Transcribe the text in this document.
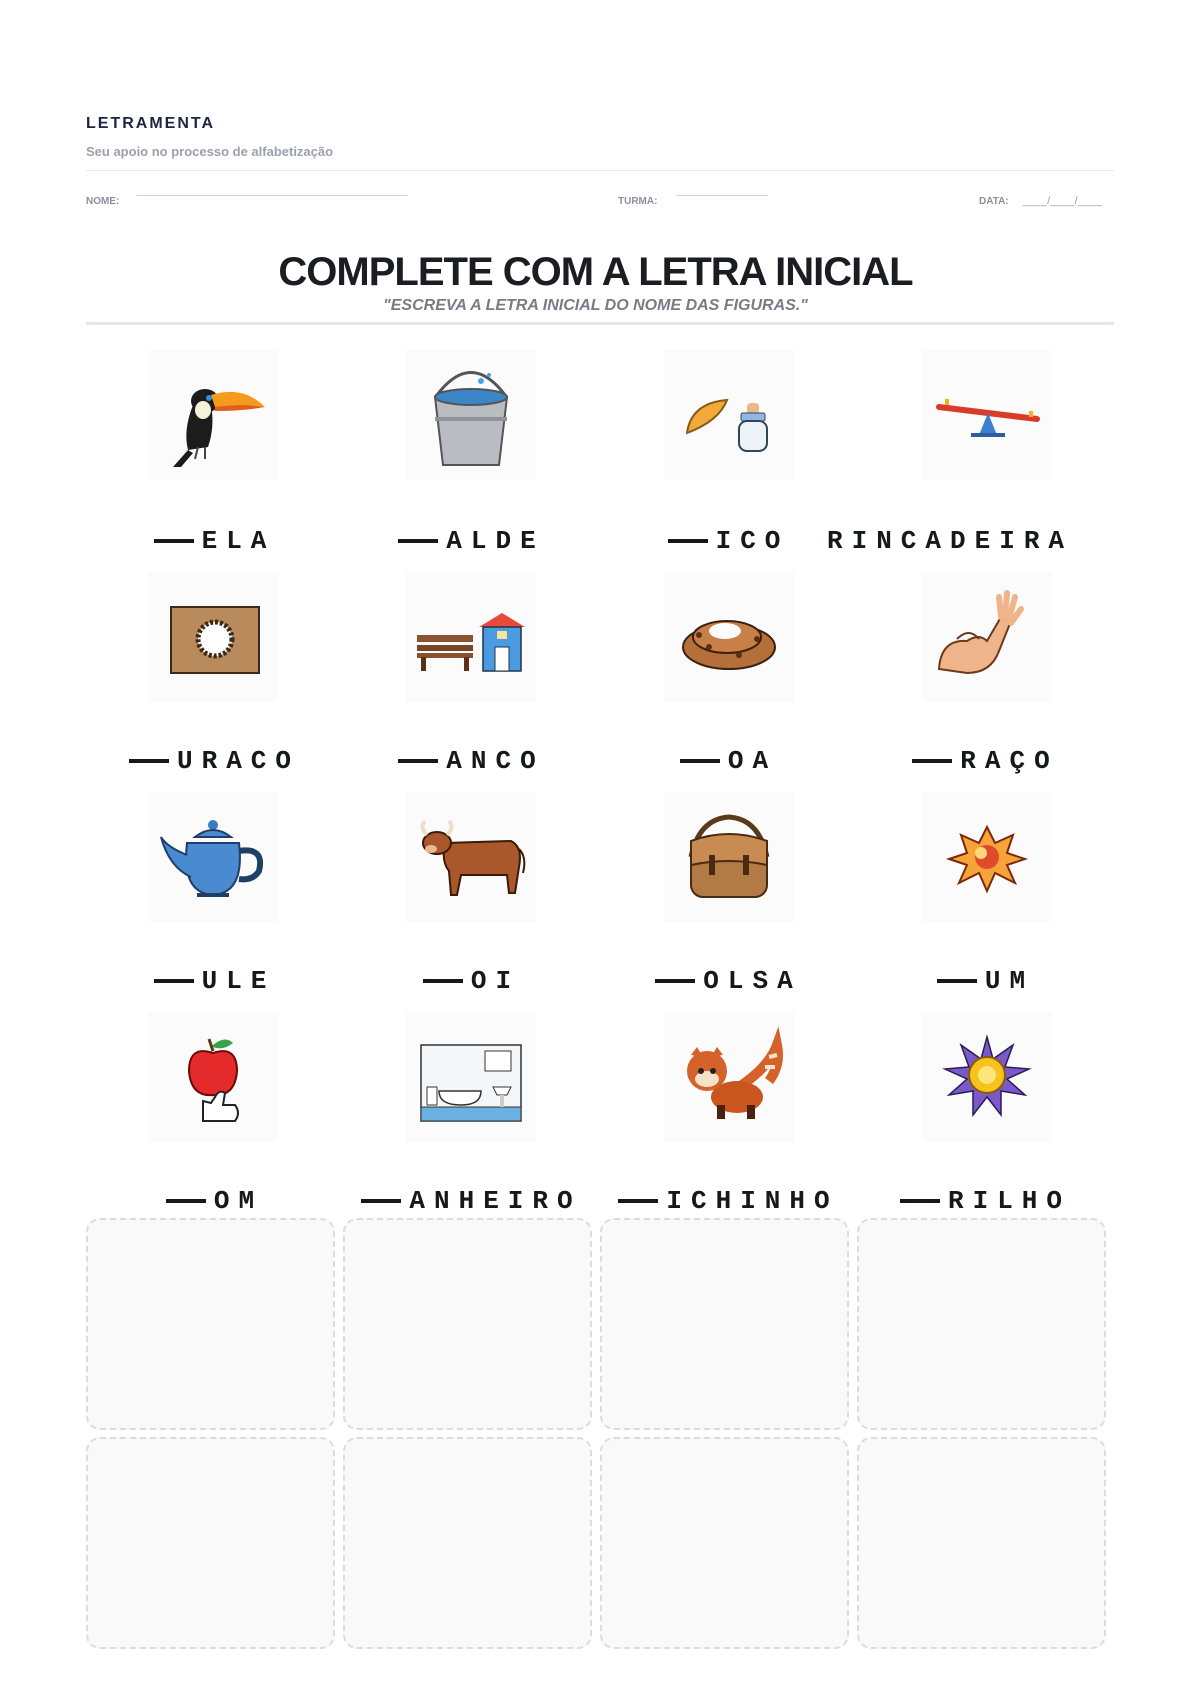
LETRAMENTA
Seu apoio no processo de alfabetização
NOME:	TURMA:	DATA: ____/____/____
COMPLETE COM A LETRA INICIAL
"ESCREVA A LETRA INICIAL DO NOME DAS FIGURAS."
ELA	ALDE	ICO	RINCADEIRA
URACO	ANCO	OA	RAÇO
ULE	OI	OLSA	UM
OM	ANHEIRO	ICHINHO	RILHO
